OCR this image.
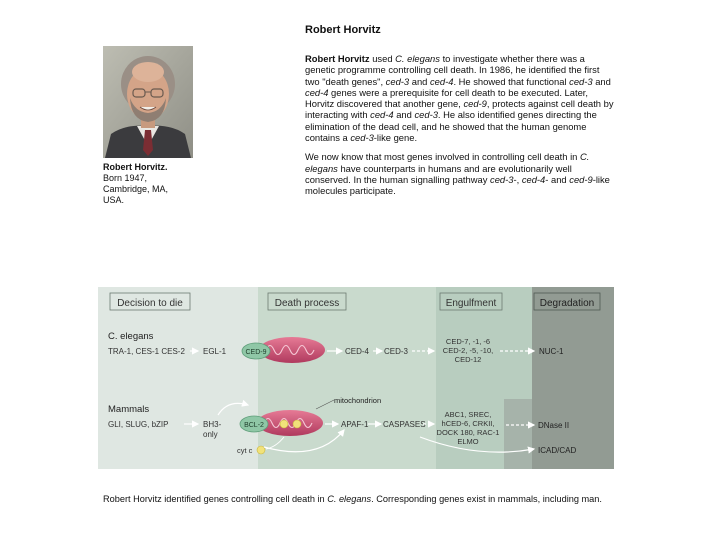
Robert Horvitz
Robert Horvitz.
Born 1947,
Cambridge, MA,
USA.

Robert Horvitz used C. elegans to investigate whether there was a genetic programme controlling cell death. In 1986, he identified the first two "death genes", ced-3 and ced-4. He showed that functional ced-3 and ced-4 genes were a prerequisite for cell death to be executed. Later, Horvitz discovered that another gene, ced-9, protects against cell death by interacting with ced-4 and ced-3. He also identified genes directing the elimination of the dead cell, and he showed that the human genome contains a ced-3-like gene.

We now know that most genes involved in controlling cell death in C. elegans have counterparts in humans and are evolutionarily well conserved. In the human signalling pathway ced-3-, ced-4- and ced-9-like molecules participate.

Decision to die	Death process	Engulfment	Degradation
C. elegans
TRA-1, CES-1 CES-2 EGL-1	CED-9	CED-4 CED-3
CED-7, -1, -6
CED-2, -5, -10,
CED-12
NUC-1
mitochondrion
Mammals
GLI, SLUG, bZIP	BH3-
only
BCL-2	APAF-1 CASPASES
cyt c
ABC1, SREC,
hCED-6, CRKII,
DOCK 180, RAC-1
ELMO
DNase II
ICAD/CAD
Robert Horvitz identified genes controlling cell death in C. elegans. Corresponding genes exist in mammals, including man.
